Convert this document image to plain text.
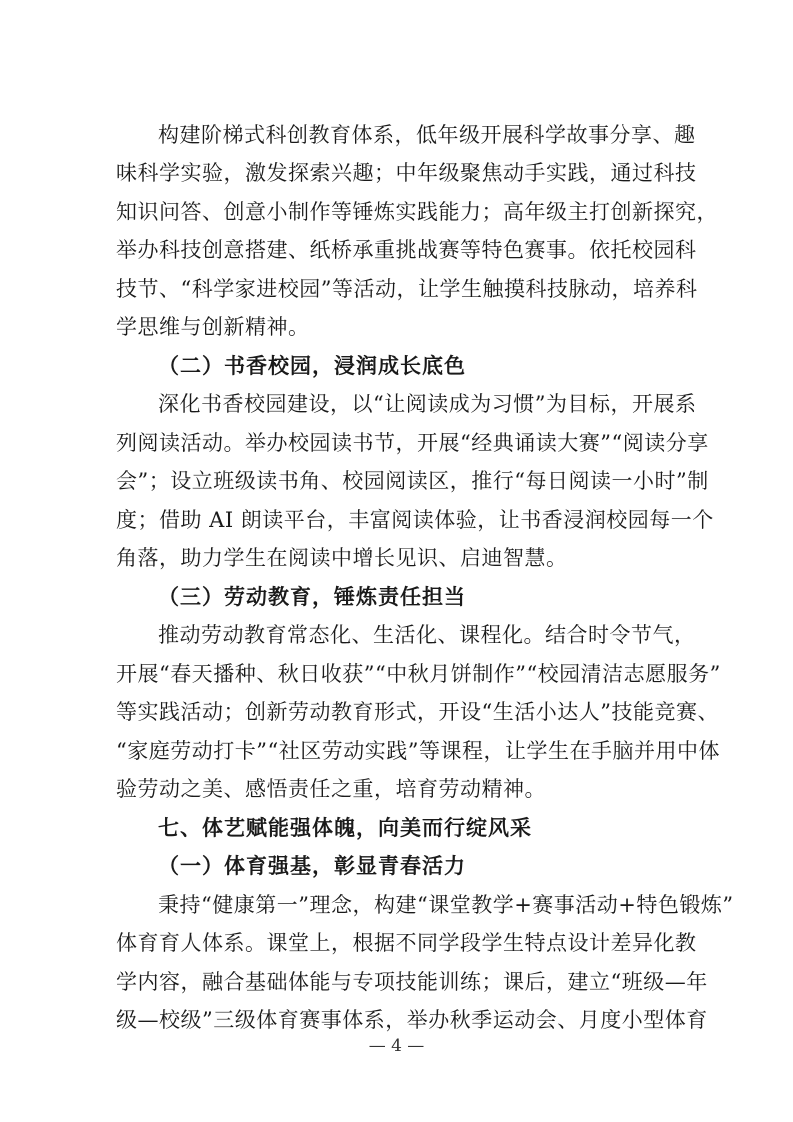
构建阶梯式科创教育体系，低年级开展科学故事分享、趣
味科学实验，激发探索兴趣；中年级聚焦动手实践，通过科技
知识问答、创意小制作等锤炼实践能力；高年级主打创新探究，
举办科技创意搭建、纸桥承重挑战赛等特色赛事。依托校园科
技节、“科学家进校园”等活动，让学生触摸科技脉动，培养科
学思维与创新精神。
（二）书香校园，浸润成长底色
深化书香校园建设，以“让阅读成为习惯”为目标，开展系
列阅读活动。举办校园读书节，开展“经典诵读大赛”“阅读分享
会”；设立班级读书角、校园阅读区，推行“每日阅读一小时”制
度；借助 AI 朗读平台，丰富阅读体验，让书香浸润校园每一个
角落，助力学生在阅读中增长见识、启迪智慧。
（三）劳动教育，锤炼责任担当
推动劳动教育常态化、生活化、课程化。结合时令节气，
开展“春天播种、秋日收获”“中秋月饼制作”“校园清洁志愿服务”
等实践活动；创新劳动教育形式，开设“生活小达人”技能竞赛、
“家庭劳动打卡”“社区劳动实践”等课程，让学生在手脑并用中体
验劳动之美、感悟责任之重，培育劳动精神。
七、体艺赋能强体魄，向美而行绽风采
（一）体育强基，彰显青春活力
秉持“健康第一”理念，构建“课堂教学+赛事活动+特色锻炼”
体育育人体系。课堂上，根据不同学段学生特点设计差异化教
学内容，融合基础体能与专项技能训练；课后，建立“班级—年
级—校级”三级体育赛事体系，举办秋季运动会、月度小型体育
— 4 —
